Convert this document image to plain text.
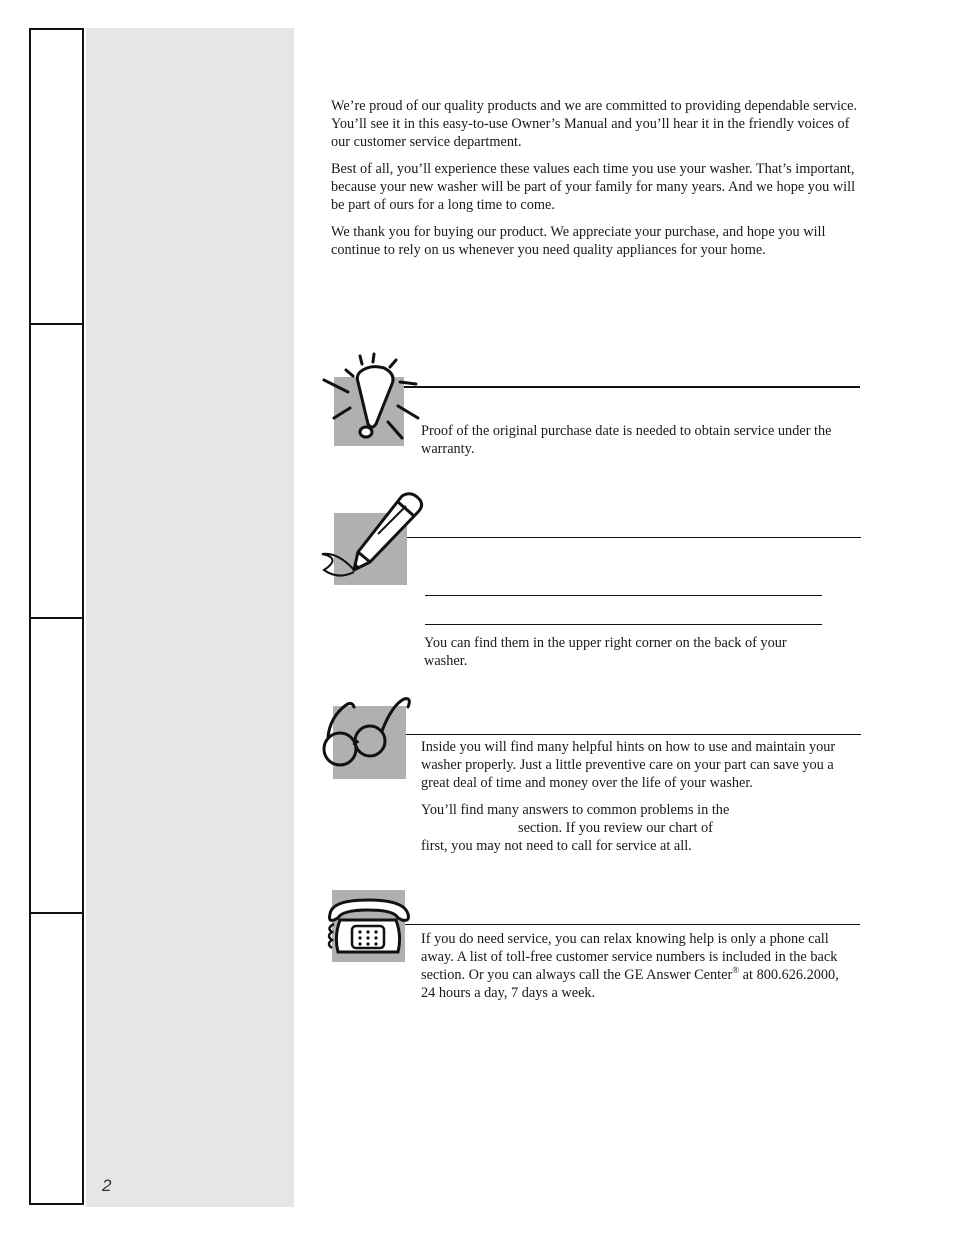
2

We’re proud of our quality products and we are committed to providing dependable service. You’ll see it in this easy-to-use Owner’s Manual and you’ll hear it in the friendly voices of our customer service department.

Best of all, you’ll experience these values each time you use your washer. That’s important, because your new washer will be part of your family for many years. And we hope you will be part of ours for a long time to come.

We thank you for buying our product. We appreciate your purchase, and hope you will continue to rely on us whenever you need quality appliances for your home.

Proof of the original purchase date is needed to obtain service under the warranty.
You can find them in the upper right corner on the back of your washer.

Inside you will find many helpful hints on how to use and maintain your washer properly. Just a little preventive care on your part can save you a great deal of time and money over the life of your washer.

You’ll find many answers to common problems in the
section. If you review our chart of
first, you may not need to call for service at all.
If you do need service, you can relax knowing help is only a phone call away. A list of toll-free customer service numbers is included in the back section. Or you can always call the GE Answer Center® at 800.626.2000, 24 hours a day, 7 days a week.
